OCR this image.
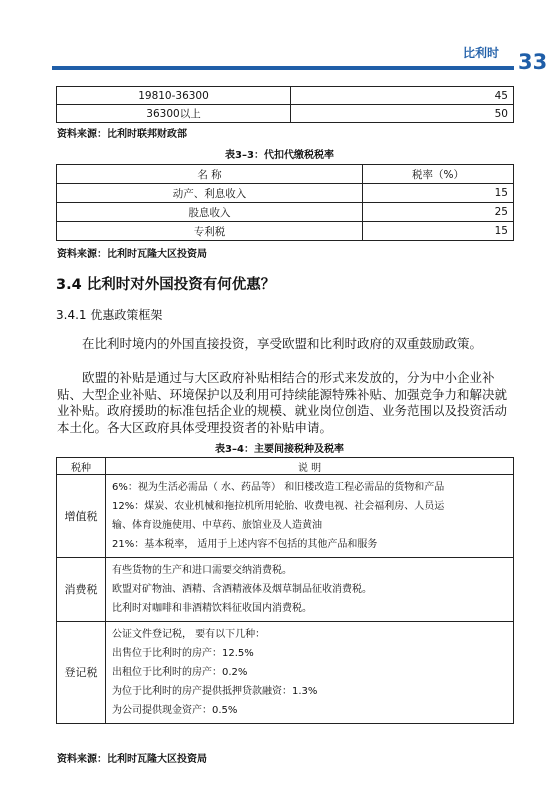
比利时 33
19810-36300	45
36300以上	50
资料来源：比利时联邦财政部
表3–3：代扣代缴税税率
名 称	税率（%）
动产、利息收入	15
股息收入	25
专利税	15
资料来源：比利时瓦隆大区投资局
3.4 比利时对外国投资有何优惠？
3.4.1 优惠政策框架

在比利时境内的外国直接投资，享受欧盟和比利时政府的双重鼓励政策。

欧盟的补贴是通过与大区政府补贴相结合的形式来发放的，分为中小企业补贴、大型企业补贴、环境保护以及利用可持续能源特殊补贴、加强竞争力和解决就业补贴。政府援助的标准包括企业的规模、就业岗位创造、业务范围以及投资活动本土化。各大区政府具体受理投资者的补贴申请。

表3–4：主要间接税种及税率
税种	说 明
增值税	6%：视为生活必需品（ 水、药品等） 和旧楼改造工程必需品的货物和产品
12%：煤炭、农业机械和拖拉机所用轮胎、收费电视、社会福利房、人员运
输、体育设施使用、中草药、旅馆业及人造黄油
21%：基本税率， 适用于上述内容不包括的其他产品和服务

消费税	有些货物的生产和进口需要交纳消费税。
欧盟对矿物油、酒精、含酒精液体及烟草制品征收消费税。
比利时对咖啡和非酒精饮料征收国内消费税。

登记税	公证文件登记税， 要有以下几种：
出售位于比利时的房产：12.5%
出租位于比利时的房产：0.2%
为位于比利时的房产提供抵押贷款融资：1.3%
为公司提供现金资产：0.5%
资料来源：比利时瓦隆大区投资局
